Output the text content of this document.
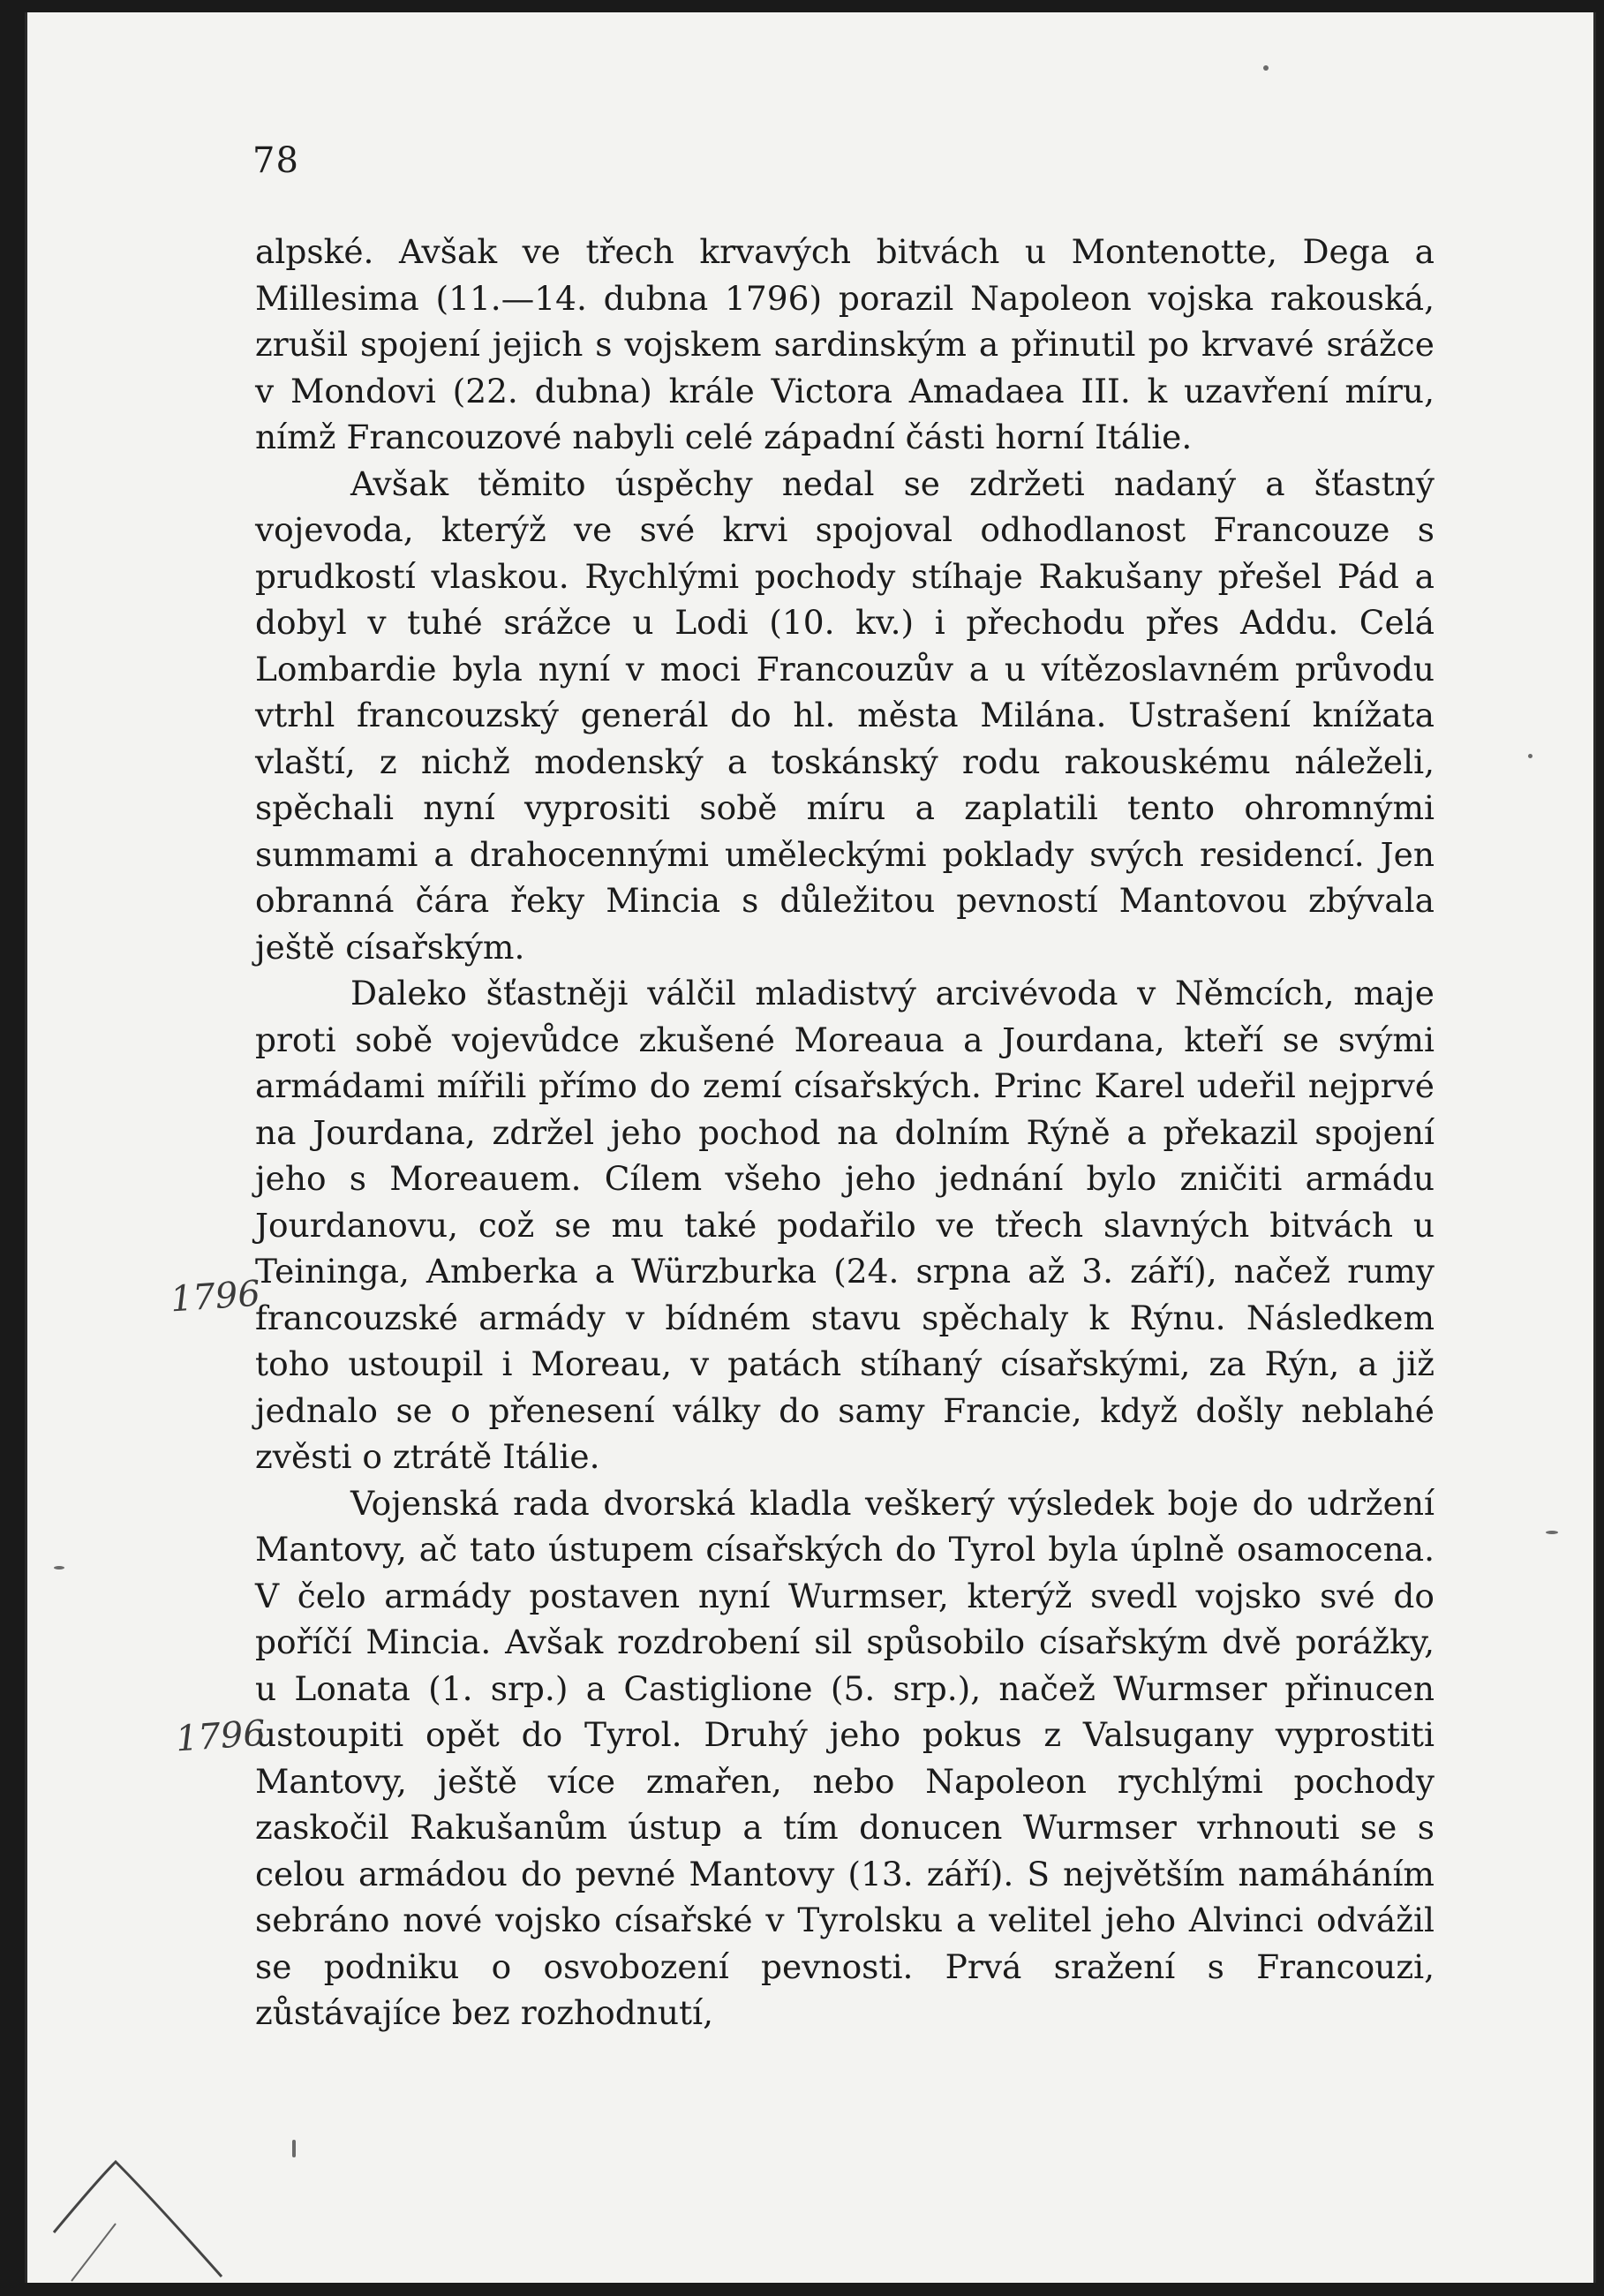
78

alpské. Avšak ve třech krvavých bitvách u Montenotte, Dega a Millesima (11.—14. dubna 1796) porazil Napoleon vojska rakouská, zrušil spojení jejich s vojskem sardinským a přinutil po krvavé srážce v Mondovi (22. dubna) krále Victora Amadaea III. k uzavření míru, nímž Francouzové nabyli celé západní části horní Itálie.

Avšak těmito úspěchy nedal se zdržeti nadaný a šťastný vojevoda, kterýž ve své krvi spojoval odhodlanost Francouze s prudkostí vlaskou. Rychlými pochody stíhaje Rakušany přešel Pád a dobyl v tuhé srážce u Lodi (10. kv.) i přechodu přes Addu. Celá Lombardie byla nyní v moci Francouzův a u vítězoslavném průvodu vtrhl francouzský generál do hl. města Milána. Ustrašení knížata vlaští, z nichž modenský a toskánský rodu rakouskému náleželi, spěchali nyní vyprositi sobě míru a zaplatili tento ohromnými summami a drahocennými uměleckými poklady svých residencí. Jen obranná čára řeky Mincia s důležitou pevností Mantovou zbývala ještě císařským.

Daleko šťastněji válčil mladistvý arcivévoda v Němcích, maje proti sobě vojevůdce zkušené Moreaua a Jourdana, kteří se svými armádami mířili přímo do zemí císařských. Princ Karel udeřil nejprvé na Jourdana, zdržel jeho pochod na dolním Rýně a překazil spojení jeho s Moreauem. Cílem všeho jeho jednání bylo zničiti armádu Jourdanovu, což se mu také podařilo ve třech slavných bitvách u Teininga, Amberka a Würzburka (24. srpna až 3. září), načež rumy francouzské armády v bídném stavu spěchaly k Rýnu. Následkem toho ustoupil i Moreau, v patách stíhaný císařskými, za Rýn, a již jednalo se o přenesení války do samy Francie, když došly neblahé zvěsti o ztrátě Itálie.

Vojenská rada dvorská kladla veškerý výsledek boje do udržení Mantovy, ač tato ústupem císařských do Tyrol byla úplně osamocena. V čelo armády postaven nyní Wurmser, kterýž svedl vojsko své do poříčí Mincia. Avšak rozdrobení sil spůsobilo císařským dvě porážky, u Lonata (1. srp.) a Castiglione (5. srp.), načež Wurmser přinucen ustoupiti opět do Tyrol. Druhý jeho pokus z Valsugany vyprostiti Mantovy, ještě více zmařen, nebo Napoleon rychlými pochody zaskočil Rakušanům ústup a tím donucen Wurmser vrhnouti se s celou armádou do pevné Mantovy (13. září). S největším namáháním sebráno nové vojsko císařské v Tyrolsku a velitel jeho Alvinci odvážil se podniku o osvobození pevnosti. Prvá sražení s Francouzi, zůstávajíce bez rozhodnutí,

1796
1796
